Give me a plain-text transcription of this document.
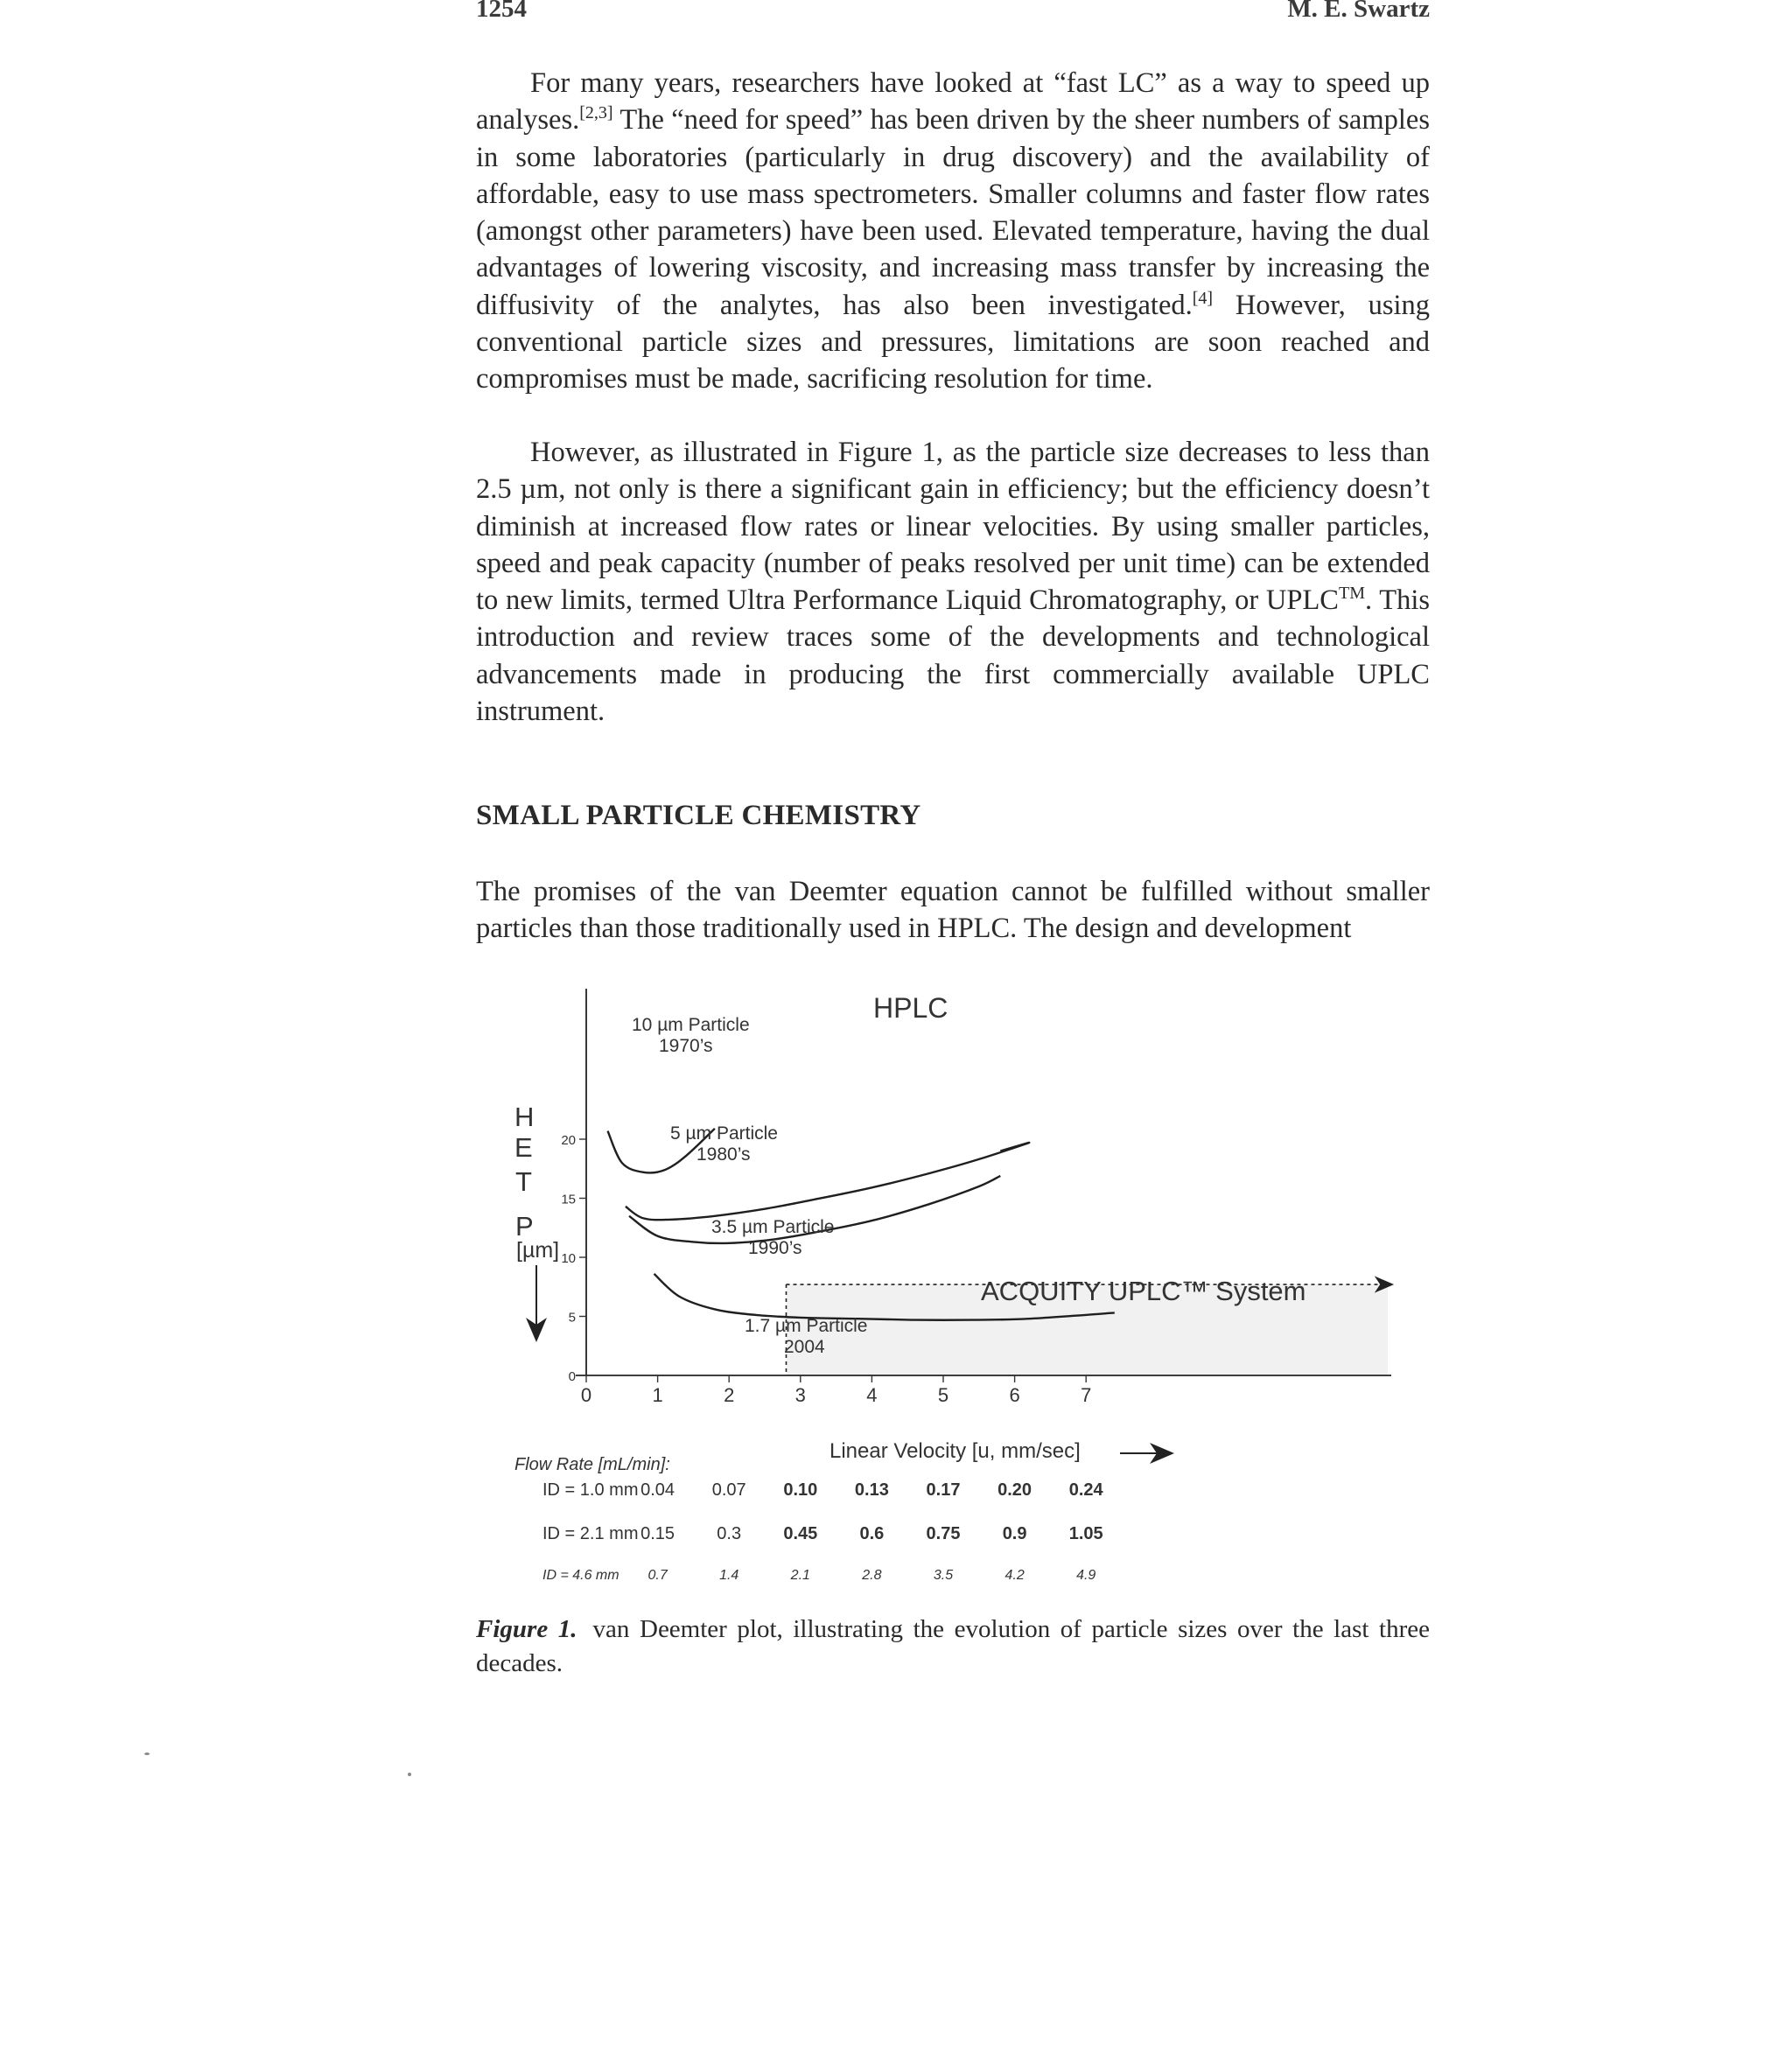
1254	M. E. Swartz

For many years, researchers have looked at “fast LC” as a way to speed up analyses.[2,3] The “need for speed” has been driven by the sheer numbers of samples in some laboratories (particularly in drug discovery) and the availability of affordable, easy to use mass spectrometers. Smaller columns and faster flow rates (amongst other parameters) have been used. Elevated temperature, having the dual advantages of lowering viscosity, and increasing mass transfer by increasing the diffusivity of the analytes, has also been investigated.[4] However, using conventional particle sizes and pressures, limitations are soon reached and compromises must be made, sacrificing resolution for time.

However, as illustrated in Figure 1, as the particle size decreases to less than 2.5 µm, not only is there a significant gain in efficiency; but the efficiency doesn’t diminish at increased flow rates or linear velocities. By using smaller particles, speed and peak capacity (number of peaks resolved per unit time) can be extended to new limits, termed Ultra Performance Liquid Chromatography, or UPLC™. This introduction and review traces some of the developments and technological advancements made in producing the first commercially available UPLC instrument.

SMALL PARTICLE CHEMISTRY

The promises of the van Deemter equation cannot be fulfilled without smaller particles than those traditionally used in HPLC. The design and development

0
5
10
15
20
0	1	2	3	4	5	6	7
HPLC
ACQUITY UPLC™ System
10 µm Particle
1970’s
5 µm Particle
1980’s
3.5 µm Particle
1990’s
1.7 µm Particle
2004
H
E
T
P
[µm]
Linear Velocity [u, mm/sec]
Flow Rate [mL/min]:
ID = 1.0 mm 0.04 0.07 0.10 0.13 0.17 0.20 0.24
ID = 2.1 mm 0.15 0.3 0.45 0.6 0.75 0.9 1.05
ID = 4.6 mm 0.7	1.4	2.1	2.8	3.5	4.2	4.9

Figure 1. van Deemter plot, illustrating the evolution of particle sizes over the last three decades.
